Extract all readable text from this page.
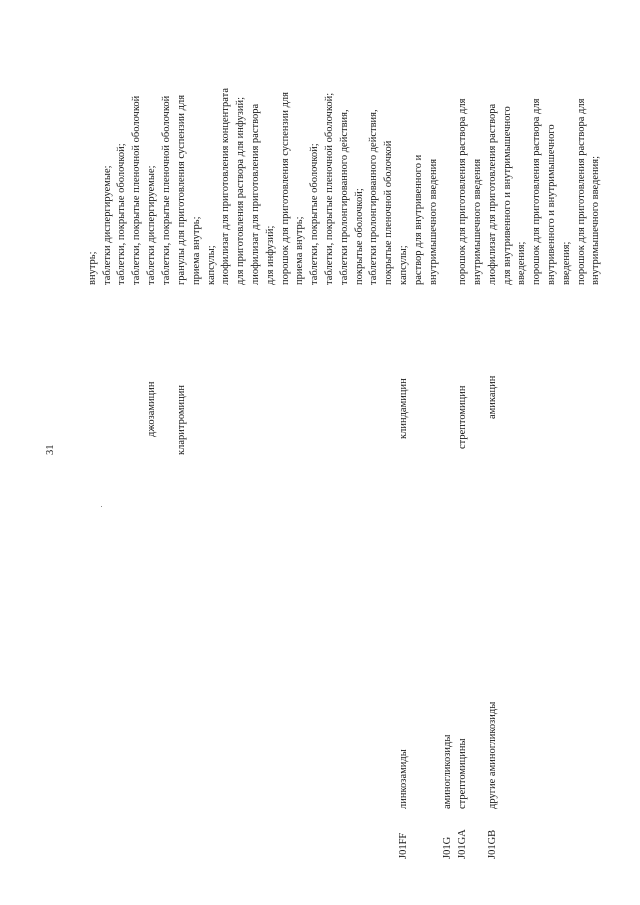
31
внутрь; таблетки диспергируемые; таблетки, покрытые оболочкой; таблетки, покрытые пленочной оболочкой
джозамицин
таблетки диспергируемые; таблетки, покрытые пленочной оболочкой
кларитромицин
гранулы для приготовления суспензии для приема внутрь; капсулы; лиофилизат для приготовления концентрата для приготовления раствора для инфузий; лиофилизат для приготовления раствора для инфузий; порошок для приготовления суспензии для приема внутрь; таблетки, покрытые оболочкой; таблетки, покрытые пленочной оболочкой; таблетки пролонгированного действия, покрытые оболочкой; таблетки пролонгированного действия, покрытые пленочной оболочкой
J01FF
линкозамиды
клиндамицин
капсулы; раствор для внутривенного и внутримышечного введения
J01G
аминогликозиды
J01GA
стрептомицины
стрептомицин
порошок для приготовления раствора для внутримышечного введения
J01GB
другие аминогликозиды
амикацин
лиофилизат для приготовления раствора для внутривенного и внутримышечного введения; порошок для приготовления раствора для внутривенного и внутримышечного введения; порошок для приготовления раствора для внутримышечного введения;
